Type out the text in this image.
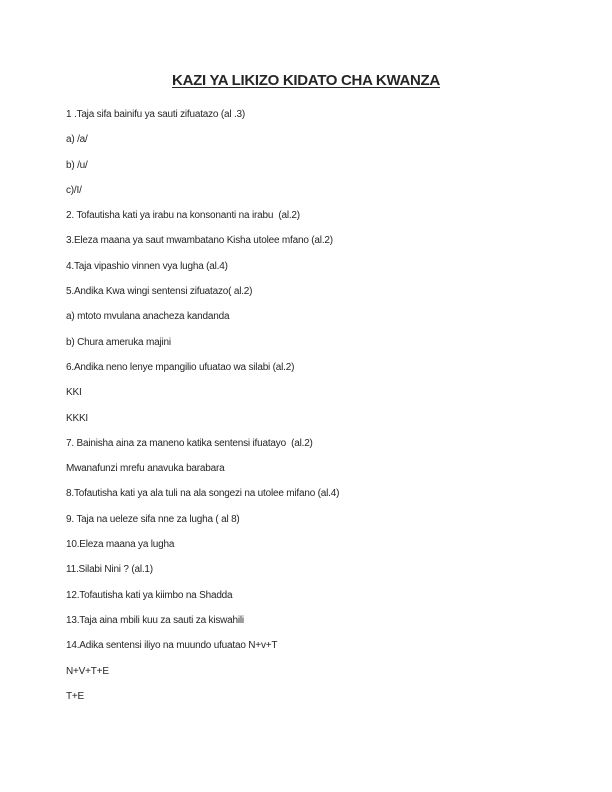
KAZI YA LIKIZO KIDATO CHA KWANZA

1 .Taja sifa bainifu ya sauti zifuatazo (al .3)

a) /a/

b) /u/

c)/I/

2. Tofautisha kati ya irabu na konsonanti na irabu  (al.2)

3.Eleza maana ya saut mwambatano Kisha utolee mfano (al.2)

4.Taja vipashio vinnen vya lugha (al.4)

5.Andika Kwa wingi sentensi zifuatazo( al.2)

a) mtoto mvulana anacheza kandanda

b) Chura ameruka majini

6.Andika neno lenye mpangilio ufuatao wa silabi (al.2)

KKI

KKKI

7. Bainisha aina za maneno katika sentensi ifuatayo  (al.2)

Mwanafunzi mrefu anavuka barabara

8.Tofautisha kati ya ala tuli na ala songezi na utolee mifano (al.4)

9. Taja na ueleze sifa nne za lugha ( al 8)

10.Eleza maana ya lugha

11.Silabi Nini ? (al.1)

12.Tofautisha kati ya kiimbo na Shadda

13.Taja aina mbili kuu za sauti za kiswahili

14.Adika sentensi iliyo na muundo ufuatao N+v+T

N+V+T+E

T+E
